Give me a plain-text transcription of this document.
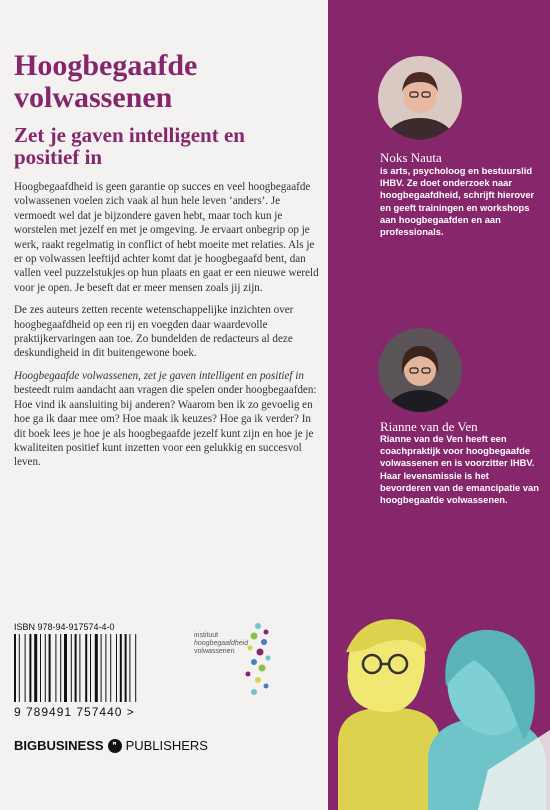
Hoogbegaafde volwassenen
Zet je gaven intelligent en positief in

Hoogbegaafdheid is geen garantie op succes en veel hoogbegaafde volwassenen voelen zich vaak al hun hele leven ‘anders’. Je vermoedt wel dat je bijzondere gaven hebt, maar toch kun je worstelen met jezelf en met je omgeving. Je ervaart onbegrip op je werk, raakt regelmatig in conflict of hebt moeite met relaties. Als je er op volwassen leeftijd achter komt dat je hoogbegaafd bent, dan vallen veel puzzelstukjes op hun plaats en gaat er een nieuwe wereld voor je open. Je beseft dat er meer mensen zoals jij zijn.

De zes auteurs zetten recente wetenschappelijke inzichten over hoogbegaafdheid op een rij en voegden daar waardevolle praktijkervaringen aan toe. Zo bundelden de redacteurs al deze deskundigheid in dit buitengewone boek.

Hoogbegaafde volwassenen, zet je gaven intelligent en positief in besteedt ruim aandacht aan vragen die spelen onder hoogbegaafden: Hoe vind ik aansluiting bij anderen? Waarom ben ik zo gevoelig en hoe ga ik daar mee om? Hoe maak ik keuzes? Hoe ga ik verder? In dit boek lees je hoe je als hoogbegaafde jezelf kunt zijn en hoe je je kwaliteiten positief kunt inzetten voor een gelukkig en succesvol leven.

ISBN 978-94-917574-4-0
9 789491 757440 >
instituut
hoogbegaafdheid
volwassenen
BIGBUSINESS	❞ PUBLISHERS
Noks Nauta
is arts, psycholoog en bestuurslid IHBV. Ze doet onderzoek naar hoogbegaafdheid, schrijft hierover en geeft trainingen en workshops aan hoogbegaafden en aan professionals.
Rianne van de Ven
Rianne van de Ven heeft een coachpraktijk voor hoogbegaafde volwassenen en is voorzitter IHBV. Haar levensmissie is het bevorderen van de emancipatie van hoogbegaafde volwassenen.
